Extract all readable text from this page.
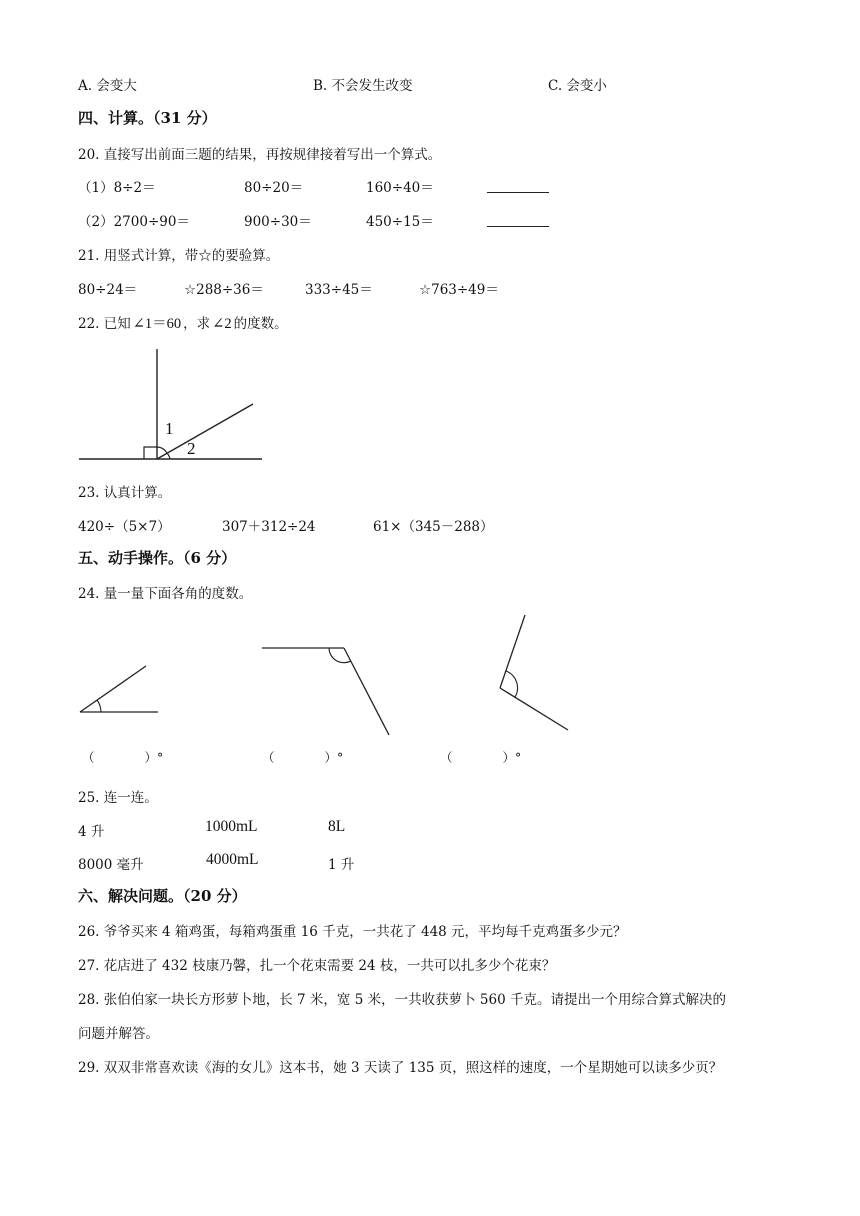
A. 会变大	B. 不会发生改变	C. 会变小
四、计算。（31 分）
20. 直接写出前面三题的结果，再按规律接着写出一个算式。
（1）8÷2＝	80÷20＝	160÷40＝
（2）2700÷90＝	900÷30＝	450÷15＝
21. 用竖式计算，带☆的要验算。
80÷24＝	☆288÷36＝	333÷45＝	☆763÷49＝
22. 已知 ∠1＝60 ，求 ∠2 的度数。
1
2
23. 认真计算。
420÷（5×7）	307＋312÷24	61×（345－288）
五、动手操作。（6 分）
24. 量一量下面各角的度数。
（　　　　）°	（　　　　）°	（　　　　）°
25. 连一连。
4 升	1000mL	8L
8000 毫升	4000mL	1 升
六、解决问题。（20 分）
26. 爷爷买来 4 箱鸡蛋，每箱鸡蛋重 16 千克，一共花了 448 元，平均每千克鸡蛋多少元？
27. 花店进了 432 枝康乃馨，扎一个花束需要 24 枝，一共可以扎多少个花束？
28. 张伯伯家一块长方形萝卜地，长 7 米，宽 5 米，一共收获萝卜 560 千克。请提出一个用综合算式解决的
问题并解答。
29. 双双非常喜欢读《海的女儿》这本书，她 3 天读了 135 页，照这样的速度，一个星期她可以读多少页？
